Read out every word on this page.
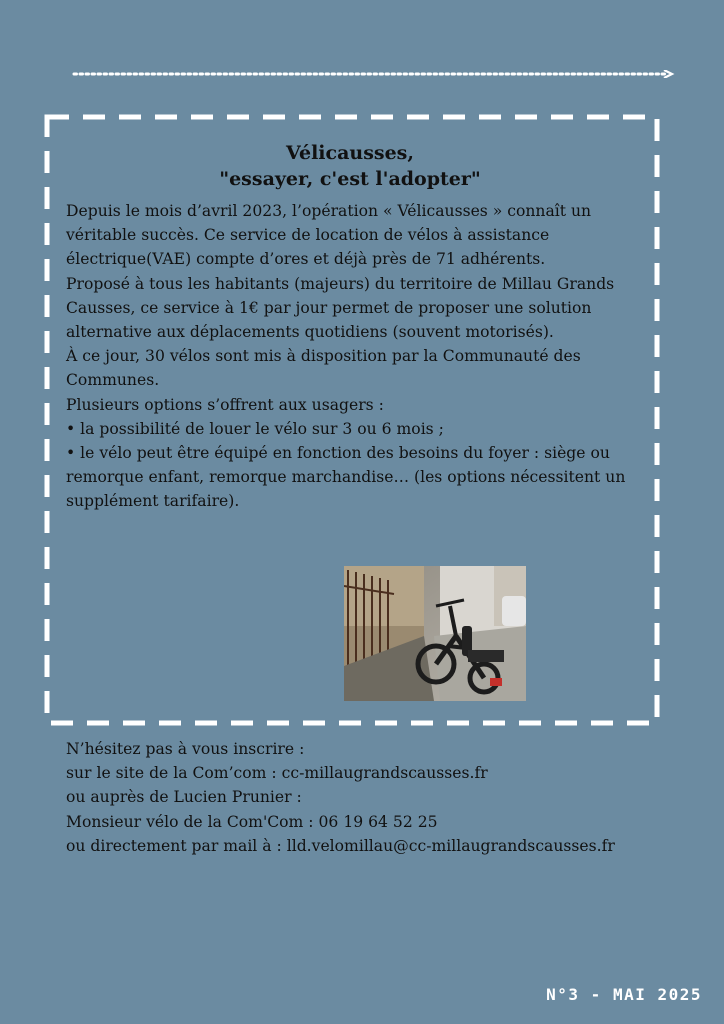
Vélicausses,
"essayer, c'est l'adopter"

Depuis le mois d’avril 2023, l’opération « Vélicausses » connaît un véritable succès. Ce service de location de vélos à assistance électrique(VAE) compte d’ores et déjà près de 71 adhérents.

Proposé à tous les habitants (majeurs) du territoire de Millau Grands Causses, ce service à 1€ par jour permet de proposer une solution alternative aux déplacements quotidiens (souvent motorisés).

À ce jour, 30 vélos sont mis à disposition par la Communauté des Communes.

Plusieurs options s’offrent aux usagers :

• la possibilité de louer le vélo sur 3 ou 6 mois ;

• le vélo peut être équipé en fonction des besoins du foyer : siège ou remorque enfant, remorque marchandise… (les options nécessitent un supplément tarifaire).

N’hésitez pas à vous inscrire :

sur le site de la Com’com : cc-millaugrandscausses.fr

ou auprès de Lucien Prunier :

Monsieur vélo de la Com'Com : 06 19 64 52 25

ou directement par mail à : lld.velomillau@cc-millaugrandscausses.fr

N°3 - MAI 2025
